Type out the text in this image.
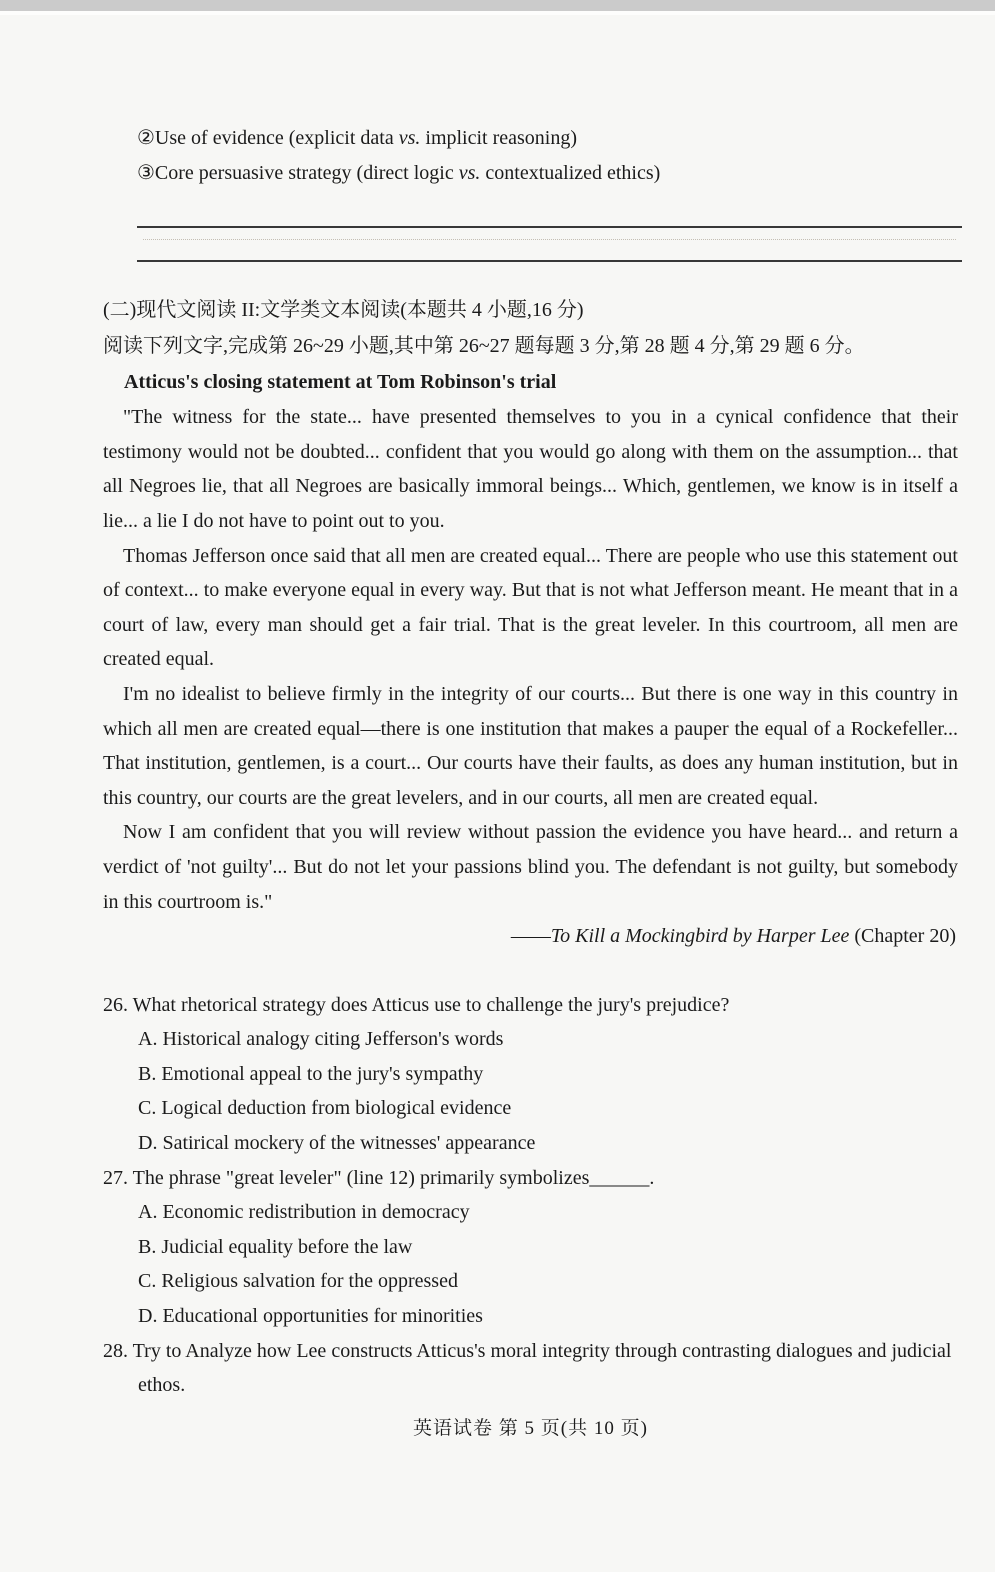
②Use of evidence (explicit data vs. implicit reasoning)

③Core persuasive strategy (direct logic vs. contextualized ethics)

(二)现代文阅读 II:文学类文本阅读(本题共 4 小题,16 分)

阅读下列文字,完成第 26~29 小题,其中第 26~27 题每题 3 分,第 28 题 4 分,第 29 题 6 分。

Atticus's closing statement at Tom Robinson's trial

"The witness for the state... have presented themselves to you in a cynical confidence that their testimony would not be doubted... confident that you would go along with them on the assumption... that all Negroes lie, that all Negroes are basically immoral beings... Which, gentlemen, we know is in itself a lie... a lie I do not have to point out to you.

Thomas Jefferson once said that all men are created equal... There are people who use this statement out of context... to make everyone equal in every way. But that is not what Jefferson meant. He meant that in a court of law, every man should get a fair trial. That is the great leveler. In this courtroom, all men are created equal.

I'm no idealist to believe firmly in the integrity of our courts... But there is one way in this country in which all men are created equal—there is one institution that makes a pauper the equal of a Rockefeller... That institution, gentlemen, is a court... Our courts have their faults, as does any human institution, but in this country, our courts are the great levelers, and in our courts, all men are created equal.

Now I am confident that you will review without passion the evidence you have heard... and return a verdict of 'not guilty'... But do not let your passions blind you. The defendant is not guilty, but somebody in this courtroom is."

——To Kill a Mockingbird by Harper Lee (Chapter 20)

26. What rhetorical strategy does Atticus use to challenge the jury's prejudice?

A. Historical analogy citing Jefferson's words

B. Emotional appeal to the jury's sympathy

C. Logical deduction from biological evidence

D. Satirical mockery of the witnesses' appearance

27. The phrase "great leveler" (line 12) primarily symbolizes______.

A. Economic redistribution in democracy

B. Judicial equality before the law

C. Religious salvation for the oppressed

D. Educational opportunities for minorities

28. Try to Analyze how Lee constructs Atticus's moral integrity through contrasting dialogues and judicial ethos.

英语试卷 第 5 页(共 10 页)
